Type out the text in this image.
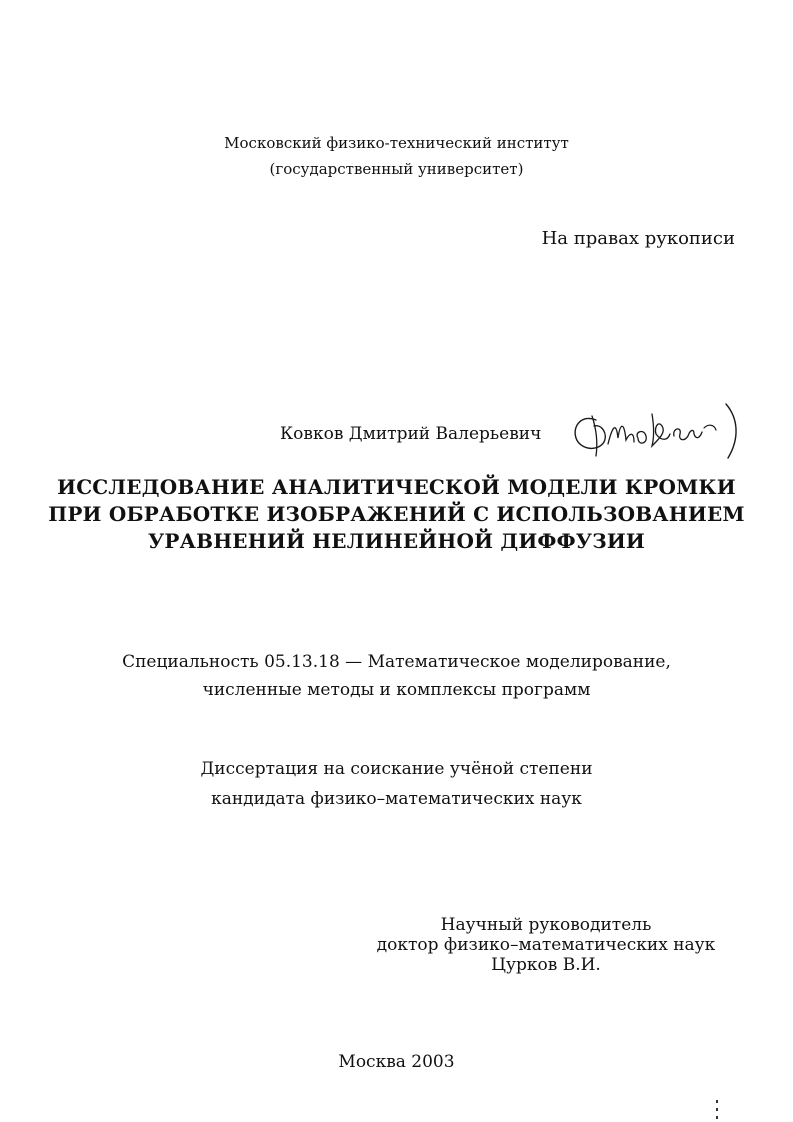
Московский физико-технический институт

(государственный университет)

На правах рукописи
Ковков Дмитрий Валерьевич

ИССЛЕДОВАНИЕ АНАЛИТИЧЕСКОЙ МОДЕЛИ КРОМКИ

ПРИ ОБРАБОТКЕ ИЗОБРАЖЕНИЙ С ИСПОЛЬЗОВАНИЕМ

УРАВНЕНИЙ НЕЛИНЕЙНОЙ ДИФФУЗИИ

Специальность 05.13.18 — Математическое моделирование,

численные методы и комплексы программ

Диссертация на соискание учёной степени

кандидата физико–математических наук

Научный руководитель
доктор физико–математических наук
Цурков В.И.

Москва 2003
